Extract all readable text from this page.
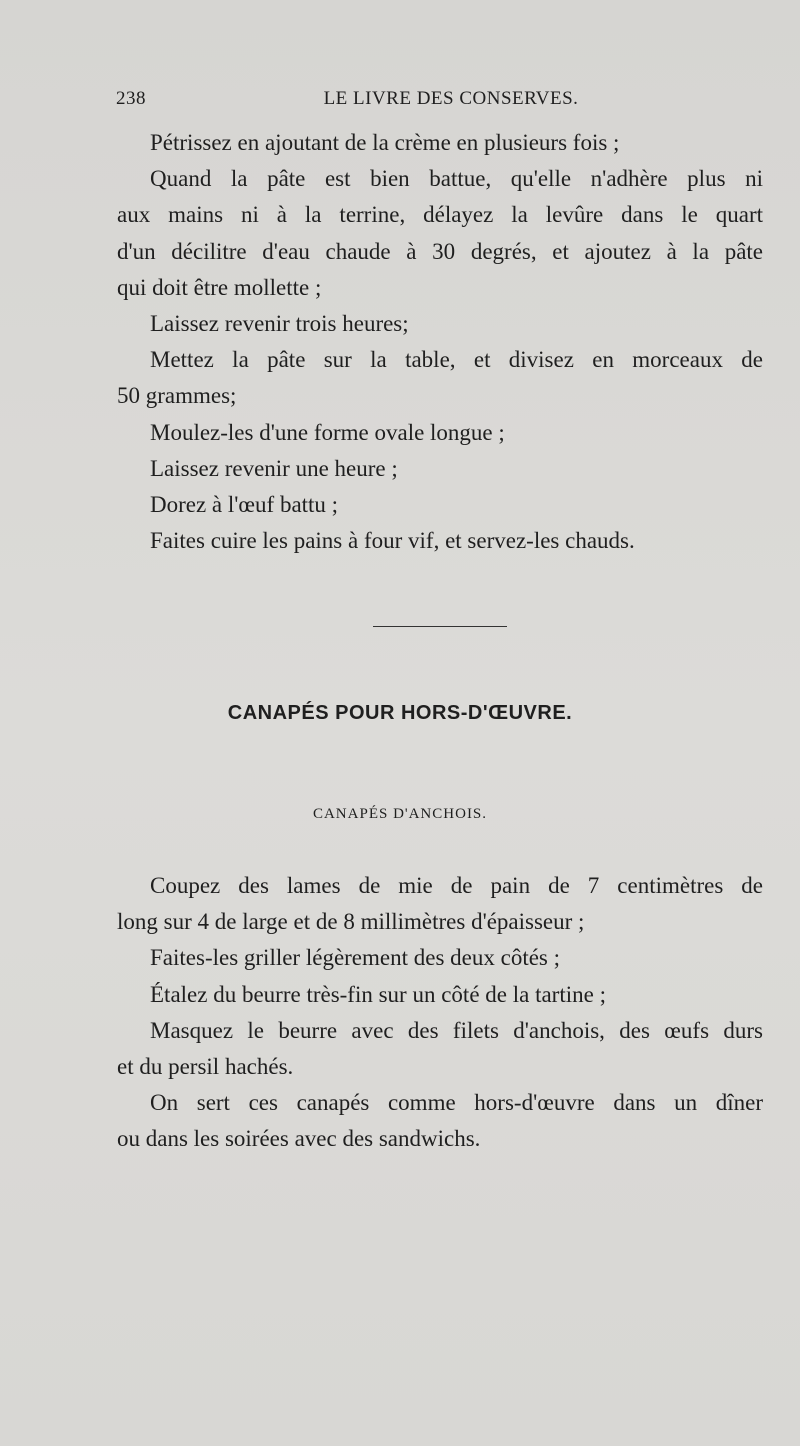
238	LE LIVRE DES CONSERVES.
Pétrissez en ajoutant de la crème en plusieurs fois ;
Quand la pâte est bien battue, qu'elle n'adhère plus ni
aux mains ni à la terrine, délayez la levûre dans le quart
d'un décilitre d'eau chaude à 30 degrés, et ajoutez à la pâte
qui doit être mollette ;
Laissez revenir trois heures;
Mettez la pâte sur la table, et divisez en morceaux de
50 grammes;
Moulez-les d'une forme ovale longue ;
Laissez revenir une heure ;
Dorez à l'œuf battu ;
Faites cuire les pains à four vif, et servez-les chauds.
CANAPÉS POUR HORS-D'ŒUVRE.
CANAPÉS D'ANCHOIS.
Coupez des lames de mie de pain de 7 centimètres de
long sur 4 de large et de 8 millimètres d'épaisseur ;
Faites-les griller légèrement des deux côtés ;
Étalez du beurre très-fin sur un côté de la tartine ;
Masquez le beurre avec des filets d'anchois, des œufs durs
et du persil hachés.
On sert ces canapés comme hors-d'œuvre dans un dîner
ou dans les soirées avec des sandwichs.
